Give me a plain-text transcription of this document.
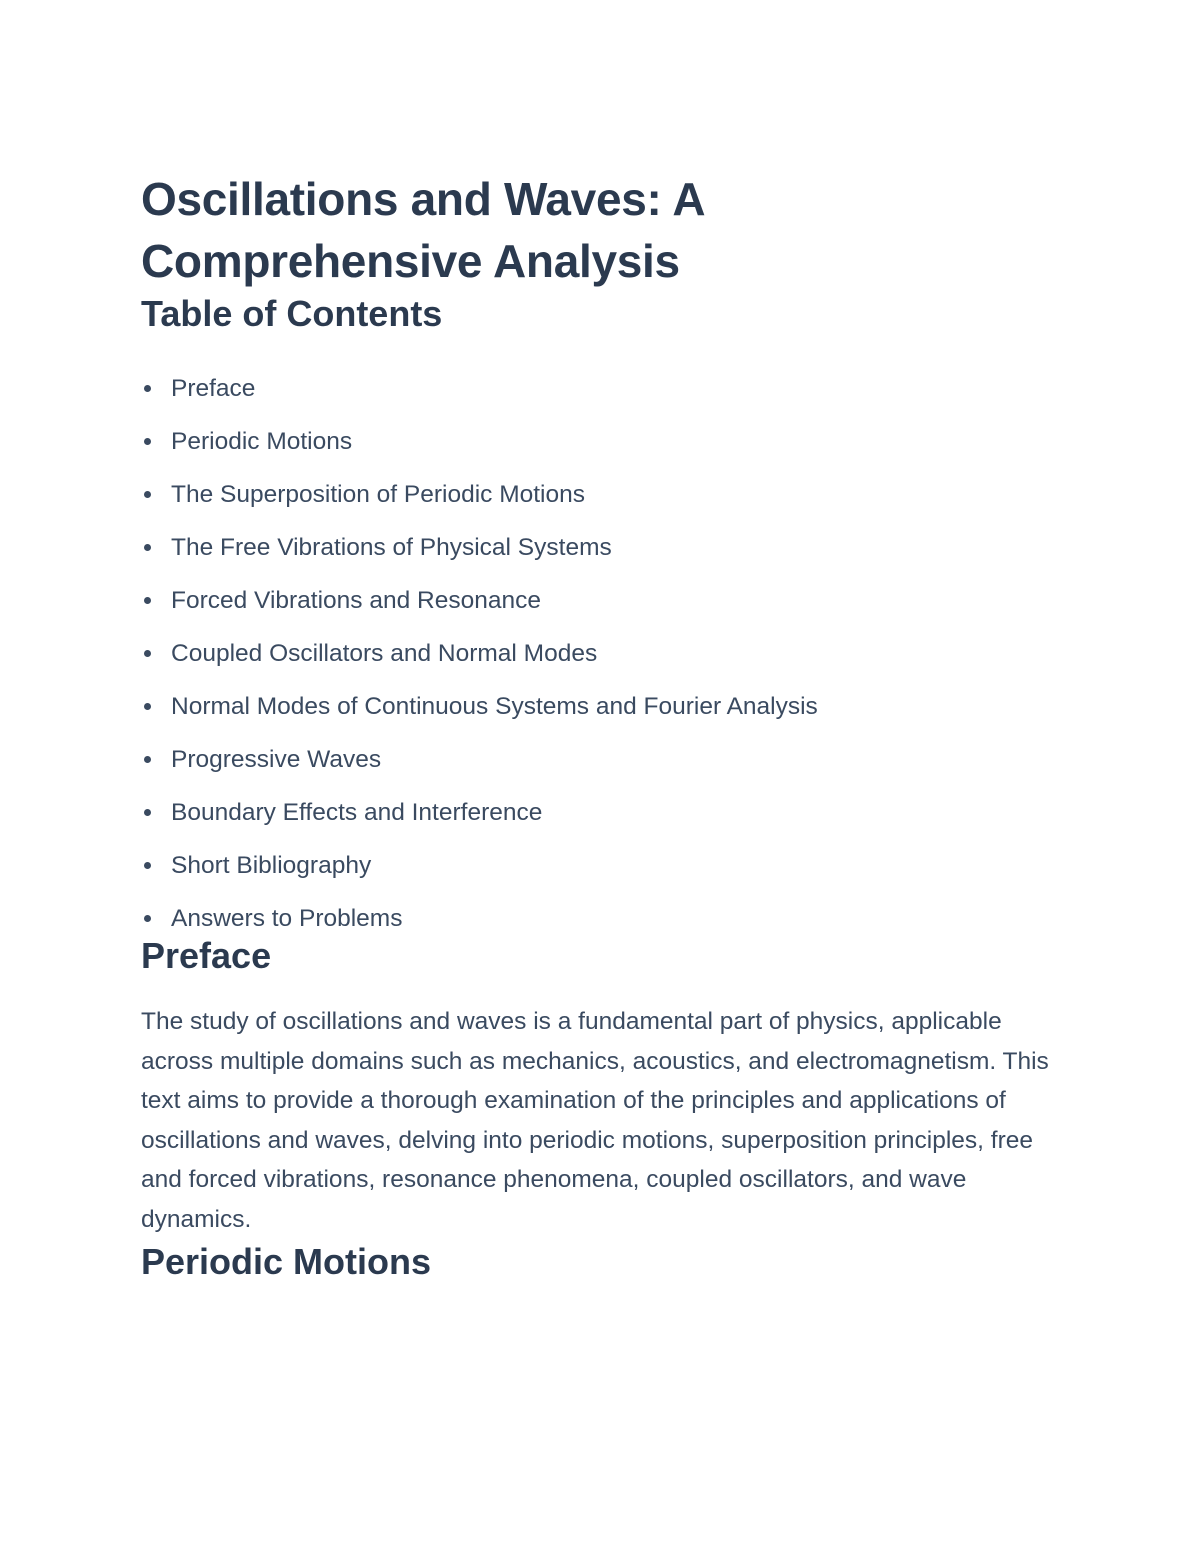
Oscillations and Waves: A
Comprehensive Analysis
Table of Contents
Preface
Periodic Motions
The Superposition of Periodic Motions
The Free Vibrations of Physical Systems
Forced Vibrations and Resonance
Coupled Oscillators and Normal Modes
Normal Modes of Continuous Systems and Fourier Analysis
Progressive Waves
Boundary Effects and Interference
Short Bibliography
Answers to Problems
Preface

The study of oscillations and waves is a fundamental part of physics, applicable across multiple domains such as mechanics, acoustics, and electromagnetism. This text aims to provide a thorough examination of the principles and applications of oscillations and waves, delving into periodic motions, superposition principles, free and forced vibrations, resonance phenomena, coupled oscillators, and wave dynamics.

Periodic Motions
